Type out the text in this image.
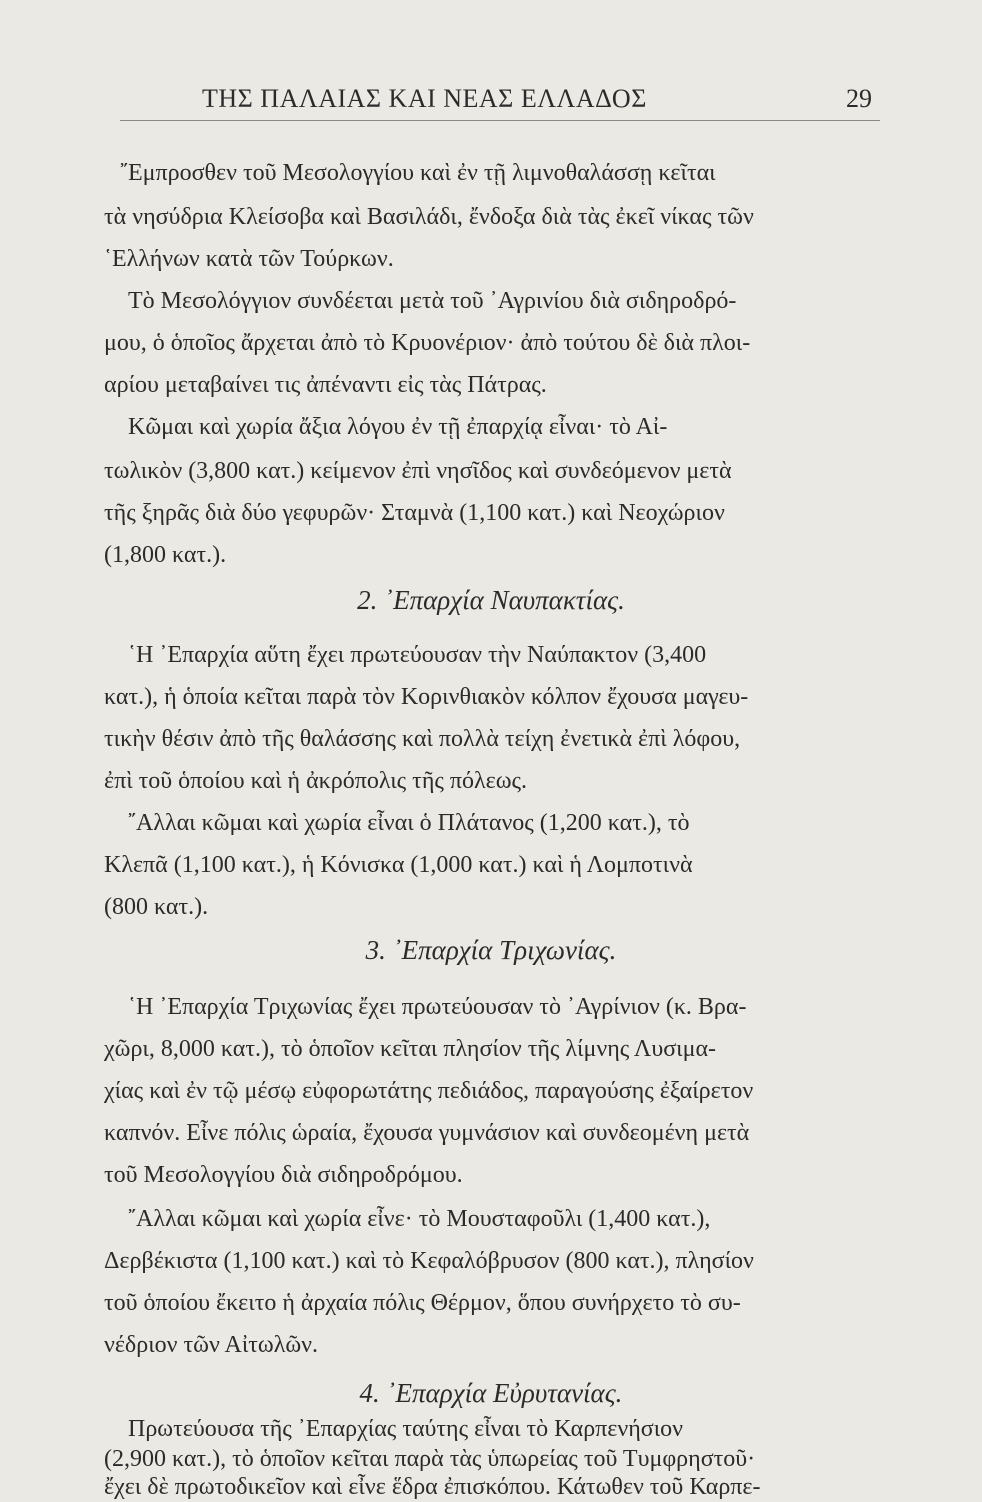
ΤΗΣ ΠΑΛΑΙΑΣ ΚΑΙ ΝΕΑΣ ΕΛΛΑΔΟΣ	29
῎Εμπροσθεν τοῦ Μεσολογγίου καὶ ἐν τῇ λιμνοθαλάσσῃ κεῖται
τὰ νησύδρια Κλείσοβα καὶ Βασιλάδι, ἔνδοξα διὰ τὰς ἐκεῖ νίκας τῶν
῾Ελλήνων κατὰ τῶν Τούρκων.
Τὸ Μεσολόγγιον συνδέεται μετὰ τοῦ ᾿Αγρινίου διὰ σιδηροδρό-
μου, ὁ ὁποῖος ἄρχεται ἀπὸ τὸ Κρυονέριον· ἀπὸ τούτου δὲ διὰ πλοι-
αρίου μεταβαίνει τις ἀπέναντι εἰς τὰς Πάτρας.
Κῶμαι καὶ χωρία ἄξια λόγου ἐν τῇ ἐπαρχίᾳ εἶναι· τὸ Αἰ-
τωλικὸν (3,800 κατ.) κείμενον ἐπὶ νησῖδος καὶ συνδεόμενον μετὰ
τῆς ξηρᾶς διὰ δύο γεφυρῶν· Σταμνὰ (1,100 κατ.) καὶ Νεοχώριον
(1,800 κατ.).
2. ᾿Επαρχία Ναυπακτίας.
῾Η ᾿Επαρχία αὕτη ἔχει πρωτεύουσαν τὴν Ναύπακτον (3,400
κατ.), ἡ ὁποία κεῖται παρὰ τὸν Κορινθιακὸν κόλπον ἔχουσα μαγευ-
τικὴν θέσιν ἀπὸ τῆς θαλάσσης καὶ πολλὰ τείχη ἐνετικὰ ἐπὶ λόφου,
ἐπὶ τοῦ ὁποίου καὶ ἡ ἀκρόπολις τῆς πόλεως.
῎Αλλαι κῶμαι καὶ χωρία εἶναι ὁ Πλάτανος (1,200 κατ.), τὸ
Κλεπᾶ (1,100 κατ.), ἡ Κόνισκα (1,000 κατ.) καὶ ἡ Λομποτινὰ
(800 κατ.).
3. ᾿Επαρχία Τριχωνίας.
῾Η ᾿Επαρχία Τριχωνίας ἔχει πρωτεύουσαν τὸ ᾿Αγρίνιον (κ. Βρα-
χῶρι, 8,000 κατ.), τὸ ὁποῖον κεῖται πλησίον τῆς λίμνης Λυσιμα-
χίας καὶ ἐν τῷ μέσῳ εὐφορωτάτης πεδιάδος, παραγούσης ἐξαίρετον
καπνόν. Εἶνε πόλις ὡραία, ἔχουσα γυμνάσιον καὶ συνδεομένη μετὰ
τοῦ Μεσολογγίου διὰ σιδηροδρόμου.
῎Αλλαι κῶμαι καὶ χωρία εἶνε· τὸ Μουσταφοῦλι (1,400 κατ.),
Δερβέκιστα (1,100 κατ.) καὶ τὸ Κεφαλόβρυσον (800 κατ.), πλησίον
τοῦ ὁποίου ἔκειτο ἡ ἀρχαία πόλις Θέρμον, ὅπου συνήρχετο τὸ συ-
νέδριον τῶν Αἰτωλῶν.
4. ᾿Επαρχία Εὐρυτανίας.
Πρωτεύουσα τῆς ᾿Επαρχίας ταύτης εἶναι τὸ Καρπενήσιον
(2,900 κατ.), τὸ ὁποῖον κεῖται παρὰ τὰς ὑπωρείας τοῦ Τυμφρηστοῦ·
ἔχει δὲ πρωτοδικεῖον καὶ εἶνε ἕδρα ἐπισκόπου. Κάτωθεν τοῦ Καρπε-
